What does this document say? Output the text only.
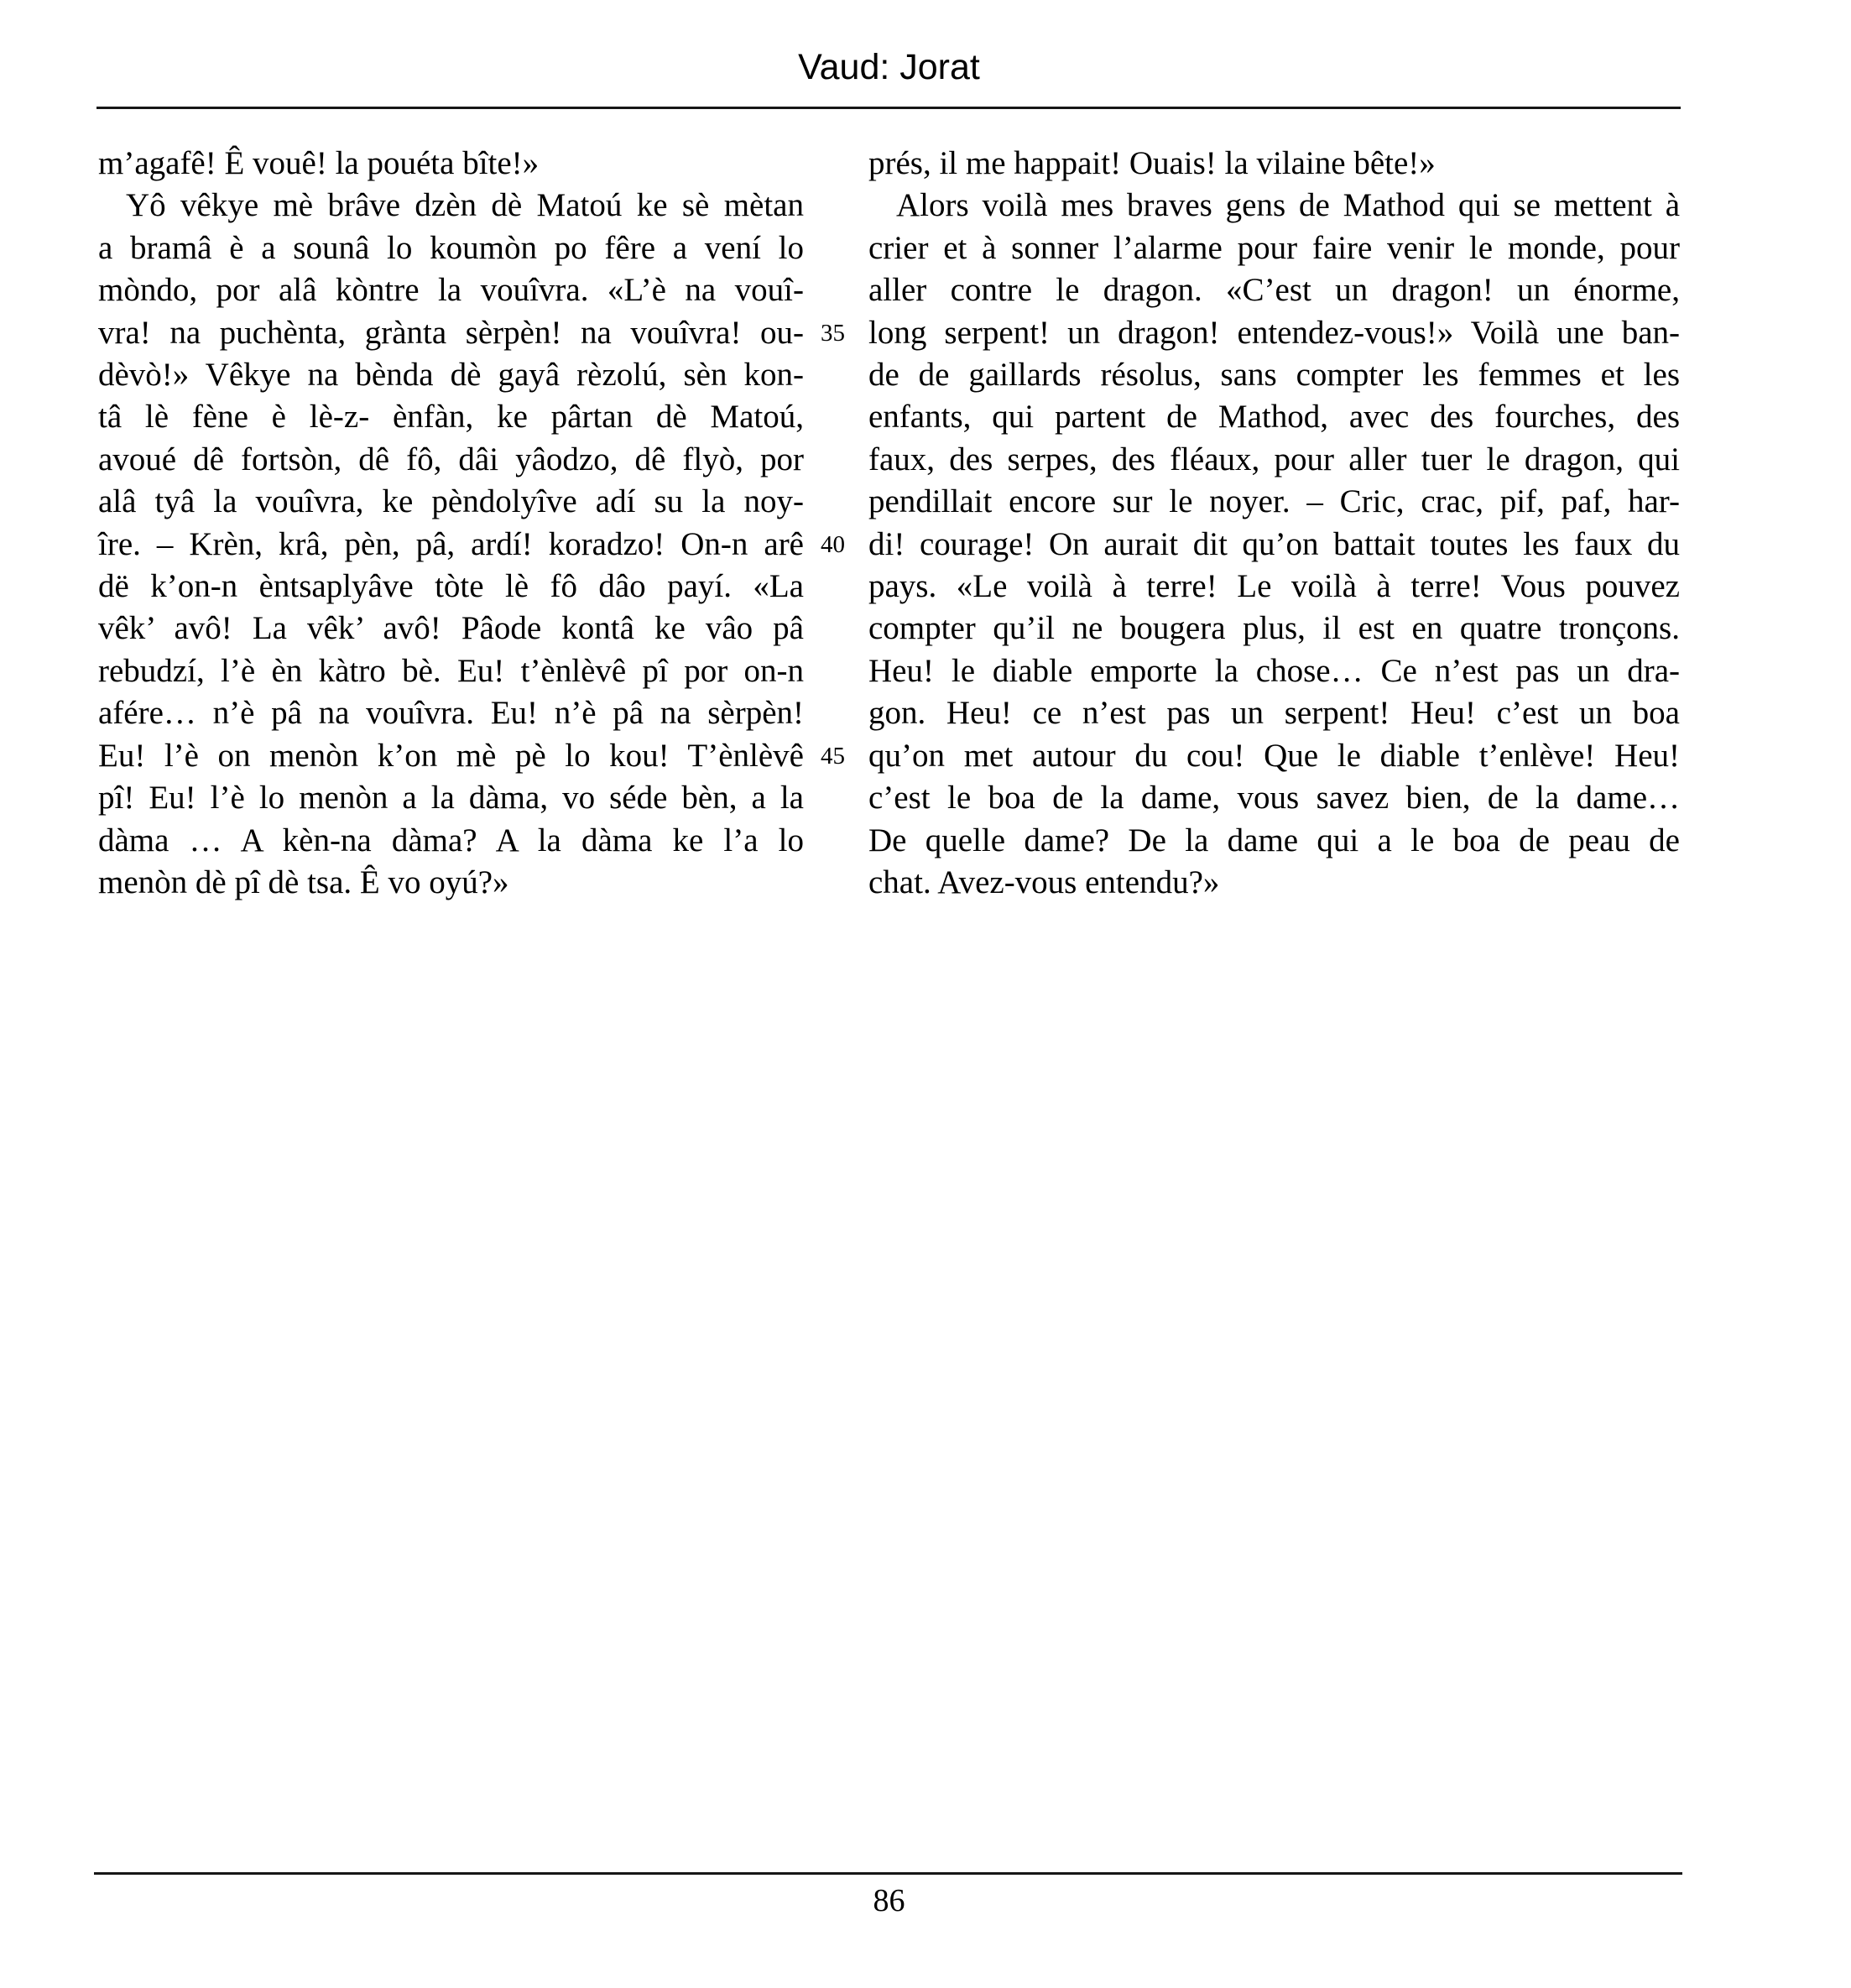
Vaud: Jorat
m’agafê! Ê vouê! la pouéta bîte!»
Yô vêkye mè brâve dzèn dè Matoú ke sè mètan
a bramâ è a sounâ lo koumòn po fêre a vení lo
mòndo, por alâ kòntre la vouîvra. «L’è na vouî-
vra! na puchènta, grànta sèrpèn! na vouîvra! ou-
dèvò!» Vêkye na bènda dè gayâ rèzolú, sèn kon-
tâ lè fène è lè-z- ènfàn, ke pârtan dè Matoú,
avoué dê fortsòn, dê fô, dâi yâodzo, dê flyò, por
alâ tyâ la vouîvra, ke pèndolyîve adí su la noy-
îre. – Krèn, krâ, pèn, pâ, ardí! koradzo! On-n arê
dë k’on-n èntsaplyâve tòte lè fô dâo payí. «La
vêk’ avô! La vêk’ avô! Pâode kontâ ke vâo pâ
rebudzí, l’è èn kàtro bè. Eu! t’ènlèvê pî por on-n
afére… n’è pâ na vouîvra. Eu! n’è pâ na sèrpèn!
Eu! l’è on menòn k’on mè pè lo kou! T’ènlèvê
pî! Eu! l’è lo menòn a la dàma, vo séde bèn, a la
dàma … A kèn-na dàma? A la dàma ke l’a lo
menòn dè pî dè tsa. Ê vo oyú?»
35
40
45
prés, il me happait! Ouais! la vilaine bête!»
Alors voilà mes braves gens de Mathod qui se mettent à
crier et à sonner l’alarme pour faire venir le monde, pour
aller contre le dragon. «C’est un dragon! un énorme,
long serpent! un dragon! entendez-vous!» Voilà une ban-
de de gaillards résolus, sans compter les femmes et les
enfants, qui partent de Mathod, avec des fourches, des
faux, des serpes, des fléaux, pour aller tuer le dragon, qui
pendillait encore sur le noyer. – Cric, crac, pif, paf, har-
di! courage! On aurait dit qu’on battait toutes les faux du
pays. «Le voilà à terre! Le voilà à terre! Vous pouvez
compter qu’il ne bougera plus, il est en quatre tronçons.
Heu! le diable emporte la chose… Ce n’est pas un dra-
gon. Heu! ce n’est pas un serpent! Heu! c’est un boa
qu’on met autour du cou! Que le diable t’enlève! Heu!
c’est le boa de la dame, vous savez bien, de la dame…
De quelle dame? De la dame qui a le boa de peau de
chat. Avez-vous entendu?»
86
